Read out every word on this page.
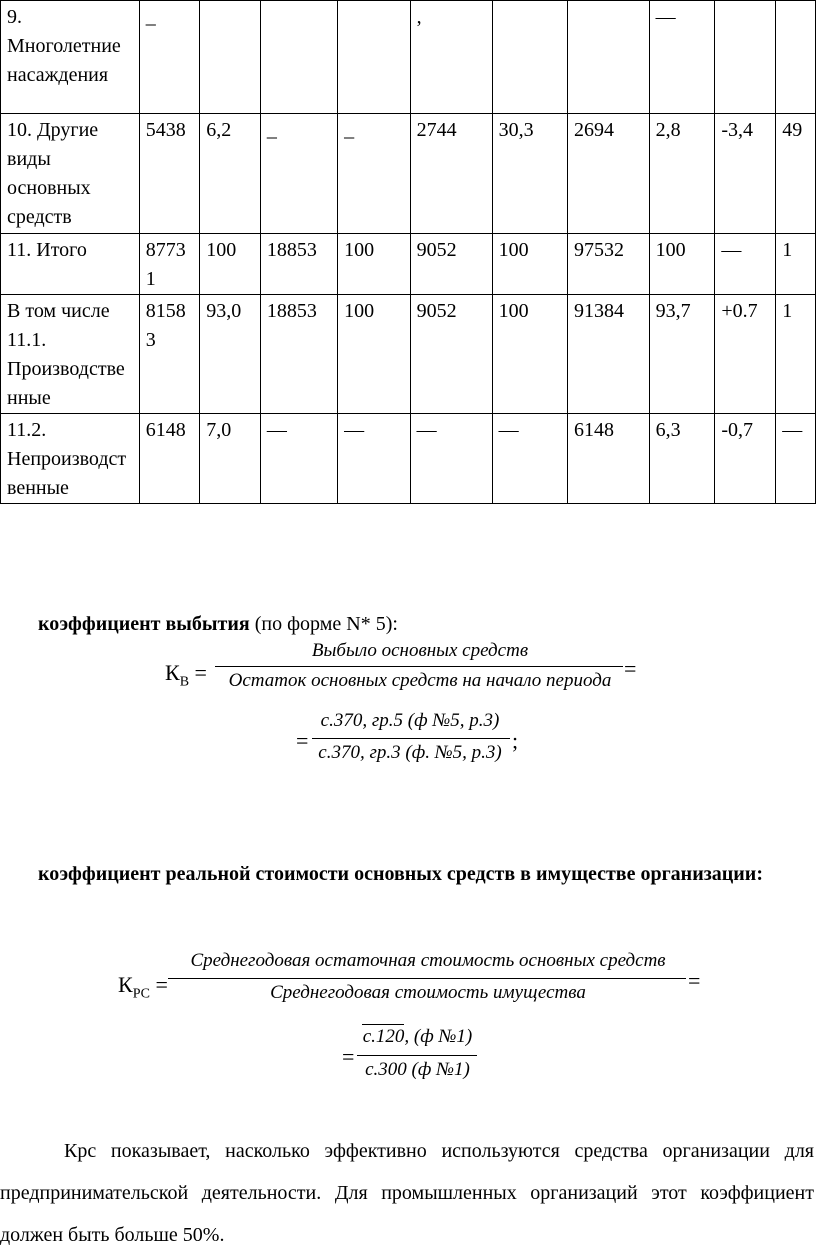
9. Многолетние насаждения	_				,			—		
10. Другие виды основных средств	5438	6,2	_	_	2744	30,3	2694	2,8	-3,4	49
11. Итого	87731	100	18853	100	9052	100	97532	100	—	1
В том числе 11.1. Производственные	81583	93,0	18853	100	9052	100	91384	93,7	+0.7	1
11.2. Непроизводственные	6148	7,0	—	—	—	—	6148	6,3	-0,7	—
коэффициент выбытия (по форме N* 5):
$К_В$ =
Выбыло основных средств
Остаток основных средств на начало периода =
=
с.370, гр.5 (ф №5, р.3)
с.370, гр.3 (ф. №5, р.3) ;
коэффициент реальной стоимости основных средств в имуществе организации:
$К_{РС}$ =
Среднегодовая остаточная стоимость основных средств
Среднегодовая стоимость имущества	=
=
с.120, (ф №1)
с.300 (ф №1)
Крс показывает, насколько эффективно используются средства организации для предпринимательской деятельности. Для промышленных организаций этот коэффициент должен быть больше 50%.
